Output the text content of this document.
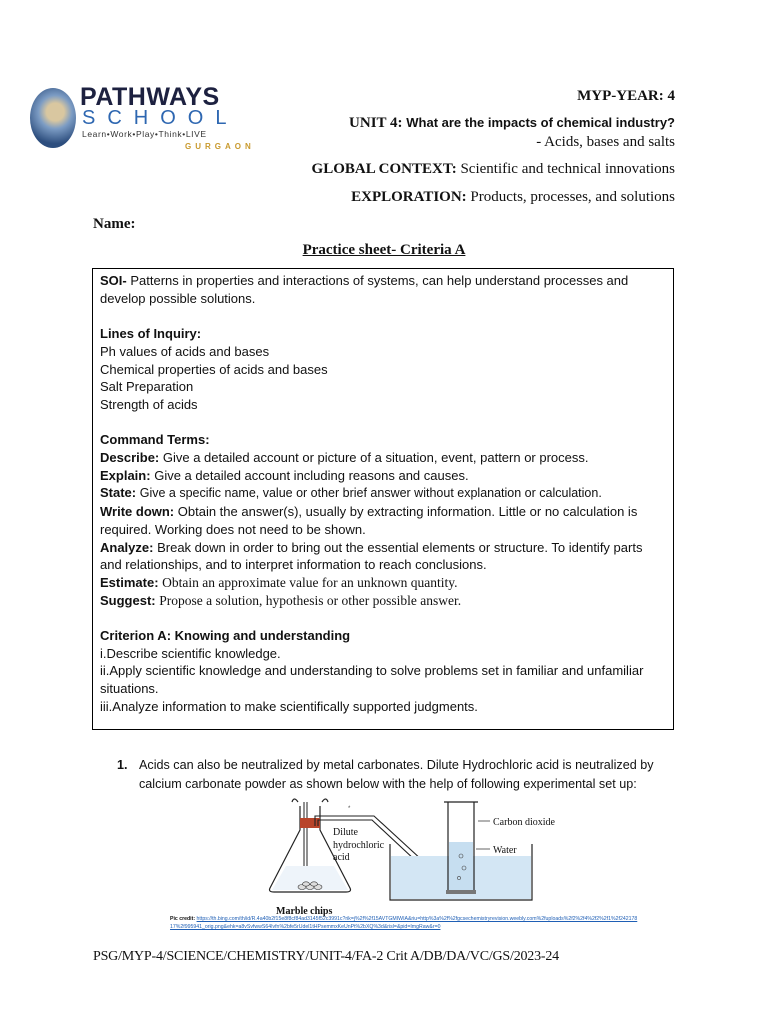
PATHWAYS
SCHOOL
Learn•Work•Play•Think•LIVE
GURGAON
MYP-YEAR: 4
UNIT 4: What are the impacts of chemical industry?
- Acids, bases and salts
GLOBAL CONTEXT: Scientific and technical innovations
EXPLORATION: Products, processes, and solutions
Name:
Practice sheet- Criteria A
SOI- Patterns in properties and interactions of systems, can help understand processes and develop possible solutions.
Lines of Inquiry:
Ph values of acids and bases
Chemical properties of acids and bases
Salt Preparation
Strength of acids
Command Terms:
Describe: Give a detailed account or picture of a situation, event, pattern or process.
Explain: Give a detailed account including reasons and causes.
State: Give a specific name, value or other brief answer without explanation or calculation.
Write down: Obtain the answer(s), usually by extracting information. Little or no calculation is required. Working does not need to be shown.
Analyze: Break down in order to bring out the essential elements or structure. To identify parts and relationships, and to interpret information to reach conclusions.
Estimate: Obtain an approximate value for an unknown quantity.
Suggest: Propose a solution, hypothesis or other possible answer.
Criterion A: Knowing and understanding
i.Describe scientific knowledge.
ii.Apply scientific knowledge and understanding to solve problems set in familiar and unfamiliar situations.
iii.Analyze information to make scientifically supported judgments.
1. Acids can also be neutralized by metal carbonates. Dilute Hydrochloric acid is neutralized by calcium carbonate powder as shown below with the help of following experimental set up:
Carbon dioxide
Water
Dilute
hydrochloric
acid
Marble chips
*
Pic credit: https://th.bing.com/th/id/R.4a40b2f15e8f8cf84ad3145f52c3991c?rik=j%2f%2f15AVTGMIWIA&riu=http%3a%2f%2fgcsechemistryrevision.weebly.com%2fuploads%2f2%2f4%2f2%2f1%2f24217817%2f995941_orig.png&ehk=a8vSvfwwS64Ivfn%2bfe5rUdel1tHPsemmxKeUnPt%2bXQ%3d&risl=&pid=ImgRaw&r=0
PSG/MYP-4/SCIENCE/CHEMISTRY/UNIT-4/FA-2 Crit A/DB/DA/VC/GS/2023-24
